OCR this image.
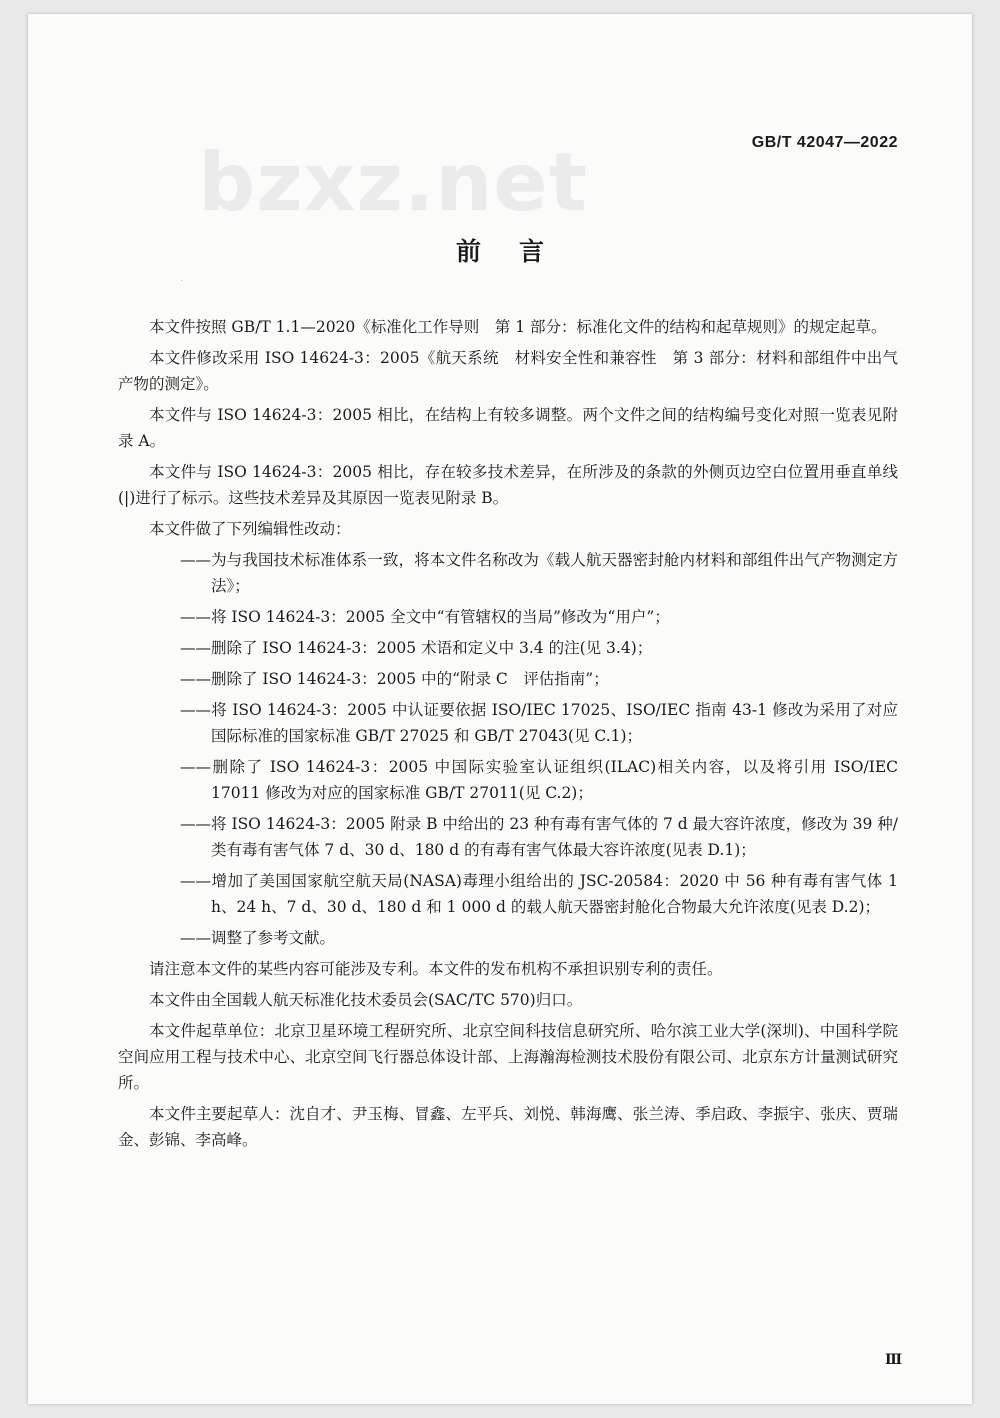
bzxz.net	GB/T 42047—2022
·
前言

本文件按照 GB/T 1.1—2020《标准化工作导则　第 1 部分：标准化文件的结构和起草规则》的规定起草。

本文件修改采用 ISO 14624-3：2005《航天系统　材料安全性和兼容性　第 3 部分：材料和部组件中出气产物的测定》。

本文件与 ISO 14624-3：2005 相比，在结构上有较多调整。两个文件之间的结构编号变化对照一览表见附录 A。

本文件与 ISO 14624-3：2005 相比，存在较多技术差异，在所涉及的条款的外侧页边空白位置用垂直单线(|)进行了标示。这些技术差异及其原因一览表见附录 B。

本文件做了下列编辑性改动：

——为与我国技术标准体系一致，将本文件名称改为《载人航天器密封舱内材料和部组件出气产物测定方法》；

——将 ISO 14624-3：2005 全文中“有管辖权的当局”修改为“用户”；

——删除了 ISO 14624-3：2005 术语和定义中 3.4 的注(见 3.4)；

——删除了 ISO 14624-3：2005 中的“附录 C　评估指南”；

——将 ISO 14624-3：2005 中认证要依据 ISO/IEC 17025、ISO/IEC 指南 43-1 修改为采用了对应国际标准的国家标准 GB/T 27025 和 GB/T 27043(见 C.1)；

——删除了 ISO 14624-3：2005 中国际实验室认证组织(ILAC)相关内容，以及将引用 ISO/IEC 17011 修改为对应的国家标准 GB/T 27011(见 C.2)；

——将 ISO 14624-3：2005 附录 B 中给出的 23 种有毒有害气体的 7 d 最大容许浓度，修改为 39 种/类有毒有害气体 7 d、30 d、180 d 的有毒有害气体最大容许浓度(见表 D.1)；

——增加了美国国家航空航天局(NASA)毒理小组给出的 JSC-20584：2020 中 56 种有毒有害气体 1 h、24 h、7 d、30 d、180 d 和 1 000 d 的载人航天器密封舱化合物最大允许浓度(见表 D.2)；

——调整了参考文献。

请注意本文件的某些内容可能涉及专利。本文件的发布机构不承担识别专利的责任。

本文件由全国载人航天标准化技术委员会(SAC/TC 570)归口。

本文件起草单位：北京卫星环境工程研究所、北京空间科技信息研究所、哈尔滨工业大学(深圳)、中国科学院空间应用工程与技术中心、北京空间飞行器总体设计部、上海瀚海检测技术股份有限公司、北京东方计量测试研究所。

本文件主要起草人：沈自才、尹玉梅、冒鑫、左平兵、刘悦、韩海鹰、张兰涛、季启政、李振宇、张庆、贾瑞金、彭锦、李高峰。

Ⅲ
